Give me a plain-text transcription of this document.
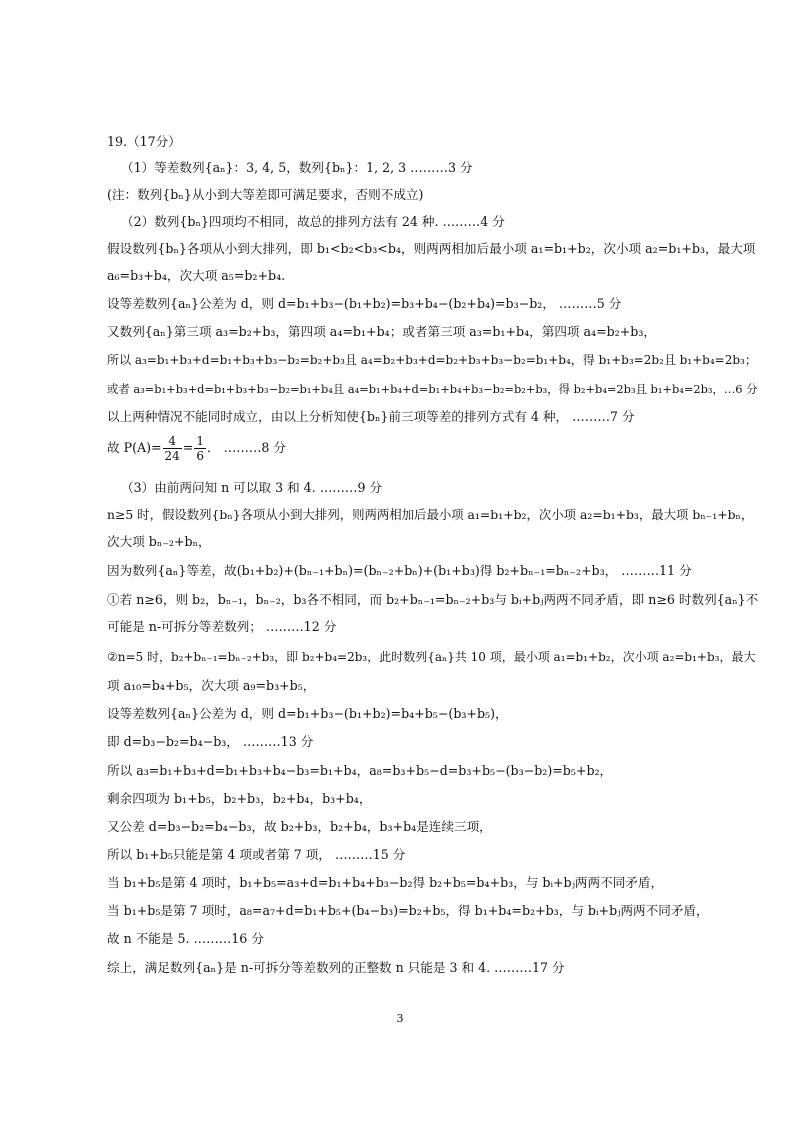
19.（17分）
（1）等差数列{aₙ}：3, 4, 5，数列{bₙ}：1, 2, 3 ………3 分
(注：数列{bₙ}从小到大等差即可满足要求，否则不成立)
（2）数列{bₙ}四项均不相同，故总的排列方法有 24 种. ………4 分
假设数列{bₙ}各项从小到大排列，即 b₁<b₂<b₃<b₄，则两两相加后最小项 a₁=b₁+b₂，次小项 a₂=b₁+b₃，最大项
a₆=b₃+b₄，次大项 a₅=b₂+b₄.
设等差数列{aₙ}公差为 d，则 d=b₁+b₃−(b₁+b₂)=b₃+b₄−(b₂+b₄)=b₃−b₂， ………5 分
又数列{aₙ}第三项 a₃=b₂+b₃，第四项 a₄=b₁+b₄；或者第三项 a₃=b₁+b₄，第四项 a₄=b₂+b₃，
所以 a₃=b₁+b₃+d=b₁+b₃+b₃−b₂=b₂+b₃且 a₄=b₂+b₃+d=b₂+b₃+b₃−b₂=b₁+b₄，得 b₁+b₃=2b₂且 b₁+b₄=2b₃；
或者 a₃=b₁+b₃+d=b₁+b₃+b₃−b₂=b₁+b₄且 a₄=b₁+b₄+d=b₁+b₄+b₃−b₂=b₂+b₃，得 b₂+b₄=2b₃且 b₁+b₄=2b₃，…6 分
以上两种情况不能同时成立，由以上分析知使{bₙ}前三项等差的排列方式有 4 种， ………7 分
故 $P(A)= \frac{4}{24} = \frac{1}{6}$ ． ………8 分
（3）由前两问知 n 可以取 3 和 4. ………9 分
n≥5 时，假设数列{bₙ}各项从小到大排列，则两两相加后最小项 a₁=b₁+b₂，次小项 a₂=b₁+b₃，最大项 bₙ₋₁+bₙ，
次大项 bₙ₋₂+bₙ，
因为数列{aₙ}等差，故(b₁+b₂)+(bₙ₋₁+bₙ)=(bₙ₋₂+bₙ)+(b₁+b₃)得 b₂+bₙ₋₁=bₙ₋₂+b₃， ………11 分
①若 n≥6，则 b₂，bₙ₋₁，bₙ₋₂，b₃各不相同，而 b₂+bₙ₋₁=bₙ₋₂+b₃与 bᵢ+bⱼ两两不同矛盾，即 n≥6 时数列{aₙ}不
可能是 n-可拆分等差数列； ………12 分
②n=5 时，b₂+bₙ₋₁=bₙ₋₂+b₃，即 b₂+b₄=2b₃，此时数列{aₙ}共 10 项，最小项 a₁=b₁+b₂，次小项 a₂=b₁+b₃，最大
项 a₁₀=b₄+b₅，次大项 a₉=b₃+b₅，
设等差数列{aₙ}公差为 d，则 d=b₁+b₃−(b₁+b₂)=b₄+b₅−(b₃+b₅)，
即 d=b₃−b₂=b₄−b₃， ………13 分
所以 a₃=b₁+b₃+d=b₁+b₃+b₄−b₃=b₁+b₄，a₈=b₃+b₅−d=b₃+b₅−(b₃−b₂)=b₅+b₂，
剩余四项为 b₁+b₅，b₂+b₃，b₂+b₄，b₃+b₄，
又公差 d=b₃−b₂=b₄−b₃，故 b₂+b₃，b₂+b₄，b₃+b₄是连续三项，
所以 b₁+b₅只能是第 4 项或者第 7 项， ………15 分
当 b₁+b₅是第 4 项时，b₁+b₅=a₃+d=b₁+b₄+b₃−b₂得 b₂+b₅=b₄+b₃，与 bᵢ+bⱼ两两不同矛盾，
当 b₁+b₅是第 7 项时，a₈=a₇+d=b₁+b₅+(b₄−b₃)=b₂+b₅，得 b₁+b₄=b₂+b₃，与 bᵢ+bⱼ两两不同矛盾，
故 n 不能是 5. ………16 分
综上，满足数列{aₙ}是 n-可拆分等差数列的正整数 n 只能是 3 和 4. ………17 分
3
